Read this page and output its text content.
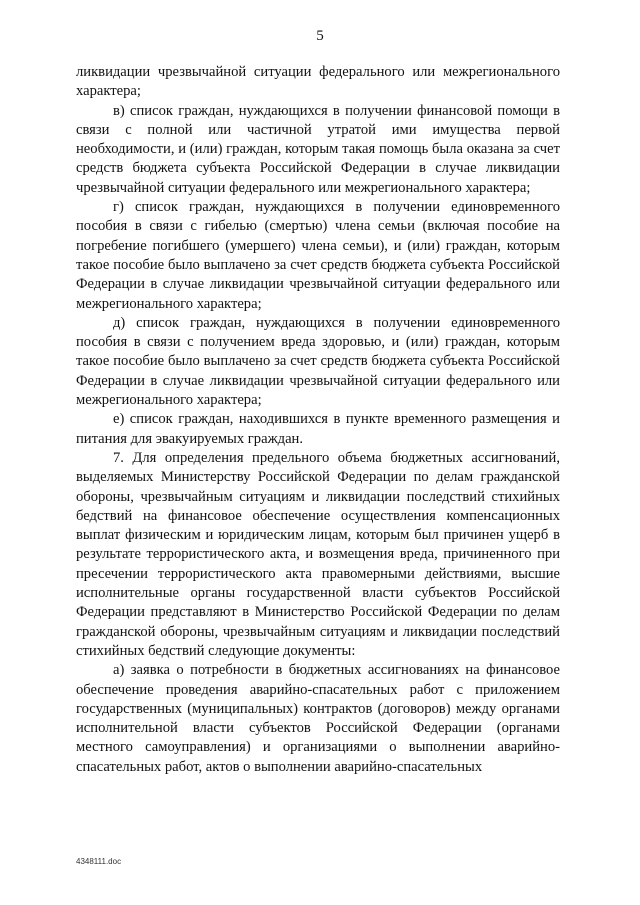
5

ликвидации чрезвычайной ситуации федерального или межрегионального характера;

в) список граждан, нуждающихся в получении финансовой помощи в связи с полной или частичной утратой ими имущества первой необходимости, и (или) граждан, которым такая помощь была оказана за счет средств бюджета субъекта Российской Федерации в случае ликвидации чрезвычайной ситуации федерального или межрегионального характера;

г) список граждан, нуждающихся в получении единовременного пособия в связи с гибелью (смертью) члена семьи (включая пособие на погребение погибшего (умершего) члена семьи), и (или) граждан, которым такое пособие было выплачено за счет средств бюджета субъекта Российской Федерации в случае ликвидации чрезвычайной ситуации федерального или межрегионального характера;

д) список граждан, нуждающихся в получении единовременного пособия в связи с получением вреда здоровью, и (или) граждан, которым такое пособие было выплачено за счет средств бюджета субъекта Российской Федерации в случае ликвидации чрезвычайной ситуации федерального или межрегионального характера;

е) список граждан, находившихся в пункте временного размещения и питания для эвакуируемых граждан.

7. Для определения предельного объема бюджетных ассигнований, выделяемых Министерству Российской Федерации по делам гражданской обороны, чрезвычайным ситуациям и ликвидации последствий стихийных бедствий на финансовое обеспечение осуществления компенсационных выплат физическим и юридическим лицам, которым был причинен ущерб в результате террористического акта, и возмещения вреда, причиненного при пресечении террористического акта правомерными действиями, высшие исполнительные органы государственной власти субъектов Российской Федерации представляют в Министерство Российской Федерации по делам гражданской обороны, чрезвычайным ситуациям и ликвидации последствий стихийных бедствий следующие документы:

а) заявка о потребности в бюджетных ассигнованиях на финансовое обеспечение проведения аварийно-спасательных работ с приложением государственных (муниципальных) контрактов (договоров) между органами исполнительной власти субъектов Российской Федерации (органами местного самоуправления) и организациями о выполнении аварийно-спасательных работ, актов о выполнении аварийно-спасательных

4348111.doc
